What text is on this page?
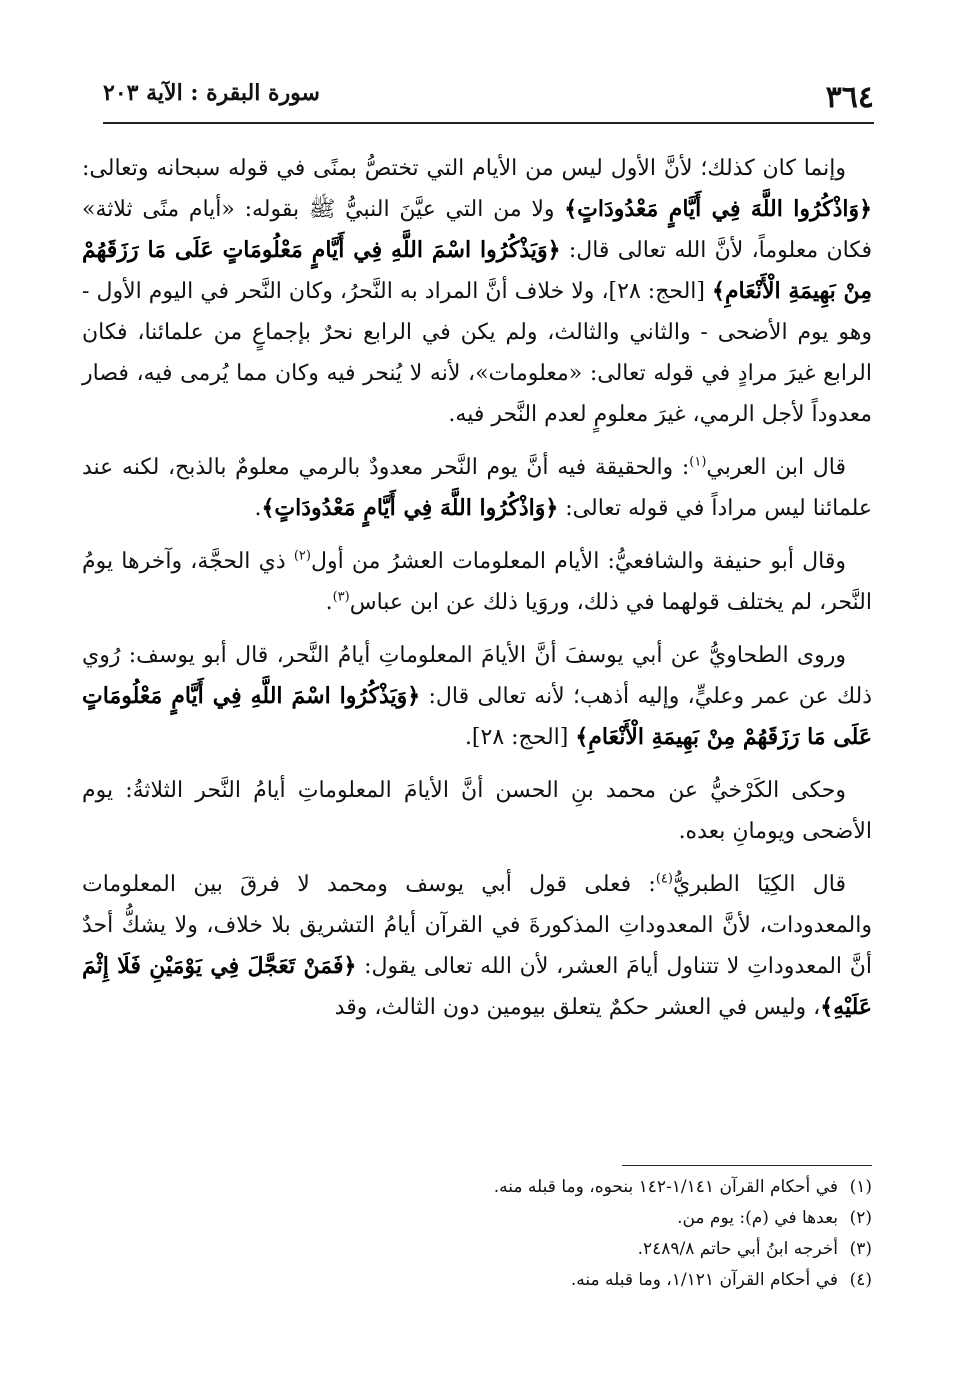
٣٦٤
سورة البقرة : الآية ٢٠٣

وإنما كان كذلك؛ لأنَّ الأول ليس من الأيام التي تختصُّ بمنًى في قوله سبحانه وتعالى: ﴿وَاذْكُرُوا اللَّهَ فِي أَيَّامٍ مَعْدُودَاتٍ﴾ ولا من التي عيَّنَ النبيُّ ﷺ بقوله: «أيام منًى ثلاثة» فكان معلوماً، لأنَّ الله تعالى قال: ﴿وَيَذْكُرُوا اسْمَ اللَّهِ فِي أَيَّامٍ مَعْلُومَاتٍ عَلَى مَا رَزَقَهُمْ مِنْ بَهِيمَةِ الْأَنْعَامِ﴾ [الحج: ٢٨]، ولا خلاف أنَّ المراد به النَّحرُ، وكان النَّحر في اليوم الأول - وهو يوم الأضحى - والثاني والثالث، ولم يكن في الرابع نحرٌ بإجماعٍ من علمائنا، فكان الرابع غيرَ مرادٍ في قوله تعالى: «معلومات»، لأنه لا يُنحر فيه وكان مما يُرمى فيه، فصار معدوداً لأجل الرمي، غيرَ معلومٍ لعدم النَّحر فيه.

قال ابن العربي$^{(١)}$: والحقيقة فيه أنَّ يوم النَّحر معدودٌ بالرمي معلومٌ بالذبح، لكنه عند علمائنا ليس مراداً في قوله تعالى: ﴿وَاذْكُرُوا اللَّهَ فِي أَيَّامٍ مَعْدُودَاتٍ﴾.

وقال أبو حنيفة والشافعيُّ: الأيام المعلومات العشرُ من أول$^{(٢)}$ ذي الحجَّة، وآخرها يومُ النَّحر، لم يختلف قولهما في ذلك، وروَيا ذلك عن ابن عباس$^{(٣)}$.

وروى الطحاويُّ عن أبي يوسفَ أنَّ الأيامَ المعلوماتِ أيامُ النَّحر، قال أبو يوسف: رُوي ذلك عن عمر وعليٍّ، وإليه أذهب؛ لأنه تعالى قال: ﴿وَيَذْكُرُوا اسْمَ اللَّهِ فِي أَيَّامٍ مَعْلُومَاتٍ عَلَى مَا رَزَقَهُمْ مِنْ بَهِيمَةِ الْأَنْعَامِ﴾ [الحج: ٢٨].

وحكى الكَرْخيُّ عن محمد بنِ الحسن أنَّ الأيامَ المعلوماتِ أيامُ النَّحر الثلاثةُ: يوم الأضحى ويومانِ بعده.

قال الكِيَا الطبريُّ$^{(٤)}$: فعلى قول أبي يوسف ومحمد لا فرقَ بين المعلومات والمعدودات، لأنَّ المعدوداتِ المذكورةَ في القرآن أيامُ التشريق بلا خلاف، ولا يشكُّ أحدٌ أنَّ المعدوداتِ لا تتناول أيامَ العشر، لأن الله تعالى يقول: ﴿فَمَنْ تَعَجَّلَ فِي يَوْمَيْنِ فَلَا إِثْمَ عَلَيْهِ﴾، وليس في العشر حكمٌ يتعلق بيومين دون الثالث، وقد

(١)في أحكام القرآن ١/١٤١-١٤٢ بنحوه، وما قبله منه.

(٢)بعدها في (م): يوم من.

(٣)أخرجه ابنُ أبي حاتم ٢٤٨٩/٨.

(٤)في أحكام القرآن ١/١٢١، وما قبله منه.
